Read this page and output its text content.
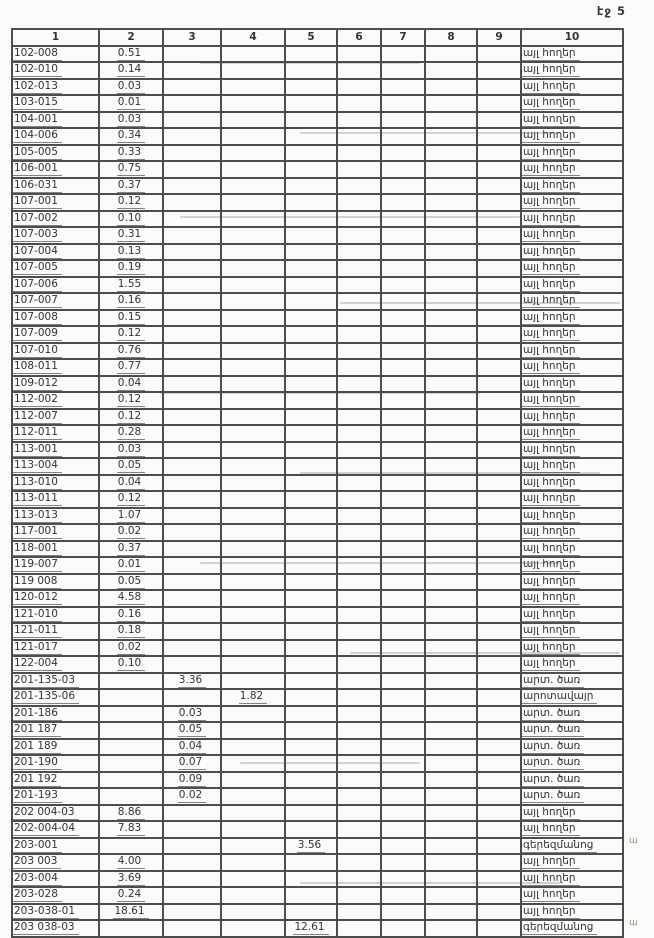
էջ 5
1	2	3	4	5	6	7	8	9	10
102-008	0.51								այլ հողեր
102-010	0.14								այլ հողեր
102-013	0.03								այլ հողեր
103-015	0.01								այլ հողեր
104-001	0.03								այլ հողեր
104-006	0.34								այլ հողեր
105-005	0.33								այլ հողեր
106-001	0.75								այլ հողեր
106-031	0.37								այլ հողեր
107-001	0.12								այլ հողեր
107-002	0.10								այլ հողեր
107-003	0.31								այլ հողեր
107-004	0.13								այլ հողեր
107-005	0.19								այլ հողեր
107-006	1.55								այլ հողեր
107-007	0.16								այլ հողեր
107-008	0.15								այլ հողեր
107-009	0.12								այլ հողեր
107-010	0.76								այլ հողեր
108-011	0.77								այլ հողեր
109-012	0.04								այլ հողեր
112-002	0.12								այլ հողեր
112-007	0.12								այլ հողեր
112-011	0.28								այլ հողեր
113-001	0.03								այլ հողեր
113-004	0.05								այլ հողեր
113-010	0.04								այլ հողեր
113-011	0.12								այլ հողեր
113-013	1.07								այլ հողեր
117-001	0.02								այլ հողեր
118-001	0.37								այլ հողեր
119-007	0.01								այլ հողեր
119 008	0.05								այլ հողեր
120-012	4.58								այլ հողեր
121-010	0.16								այլ հողեր
121-011	0.18								այլ հողեր
121-017	0.02								այլ հողեր
122-004	0.10								այլ հողեր
201-135-03		3.36							արտ. ծառ
201-135-06			1.82						արոտավայր
201-186		0.03							արտ. ծառ
201 187		0.05							արտ. ծառ
201 189		0.04							արտ. ծառ
201-190		0.07							արտ. ծառ
201 192		0.09							արտ. ծառ
201-193		0.02							արտ. ծառ
202 004-03	8.86								այլ հողեր
202-004-04	7.83								այլ հողեր
203-001				3.56					գերեզմանոց
203 003	4.00								այլ հողեր
203-004	3.69								այլ հողեր
203-028	0.24								այլ հողեր
203-038-01	18.61								այլ հողեր
203 038-03				12.61					գերեզմանոց
ա
ա
